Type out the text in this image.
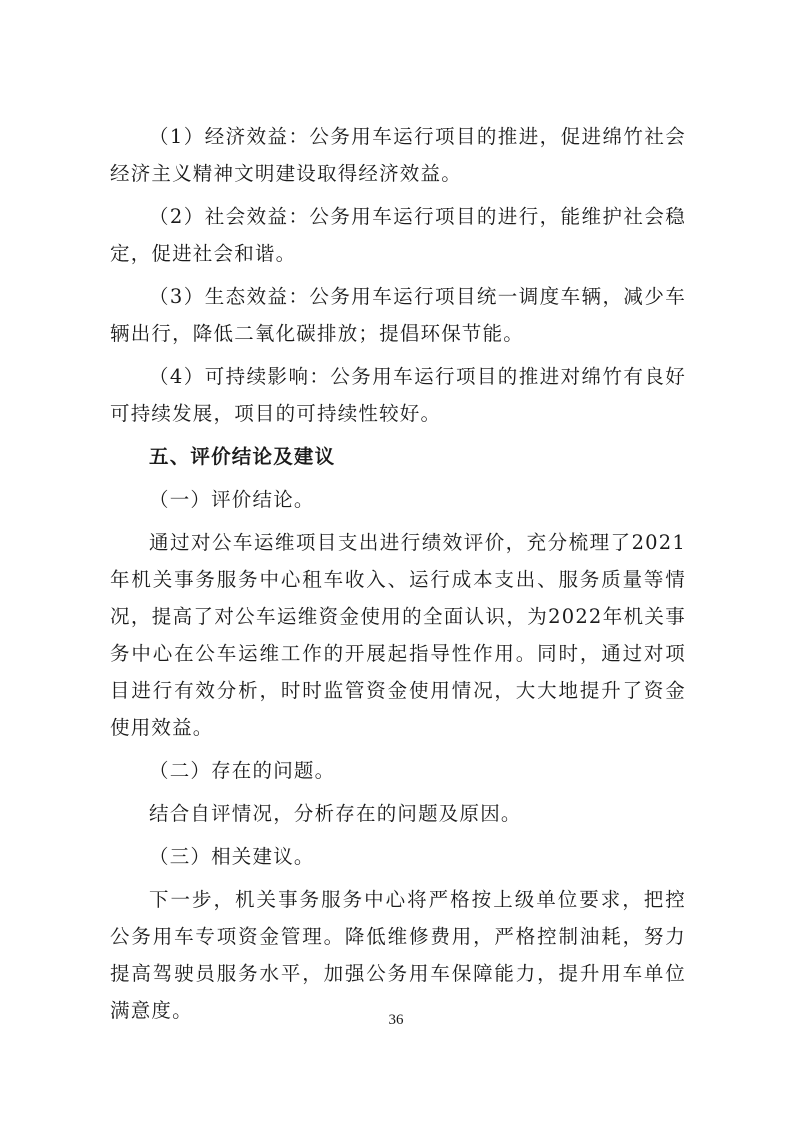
（1）经济效益：公务用车运行项目的推进，促进绵竹社会经济主义精神文明建设取得经济效益。

（2）社会效益：公务用车运行项目的进行，能维护社会稳定，促进社会和谐。

（3）生态效益：公务用车运行项目统一调度车辆，减少车辆出行，降低二氧化碳排放；提倡环保节能。

（4）可持续影响：公务用车运行项目的推进对绵竹有良好可持续发展，项目的可持续性较好。

五、评价结论及建议

（一）评价结论。

通过对公车运维项目支出进行绩效评价，充分梳理了2021年机关事务服务中心租车收入、运行成本支出、服务质量等情况，提高了对公车运维资金使用的全面认识，为2022年机关事务中心在公车运维工作的开展起指导性作用。同时，通过对项目进行有效分析，时时监管资金使用情况，大大地提升了资金使用效益。

（二）存在的问题。

结合自评情况，分析存在的问题及原因。

（三）相关建议。

下一步，机关事务服务中心将严格按上级单位要求，把控公务用车专项资金管理。降低维修费用，严格控制油耗，努力提高驾驶员服务水平，加强公务用车保障能力，提升用车单位满意度。	36
